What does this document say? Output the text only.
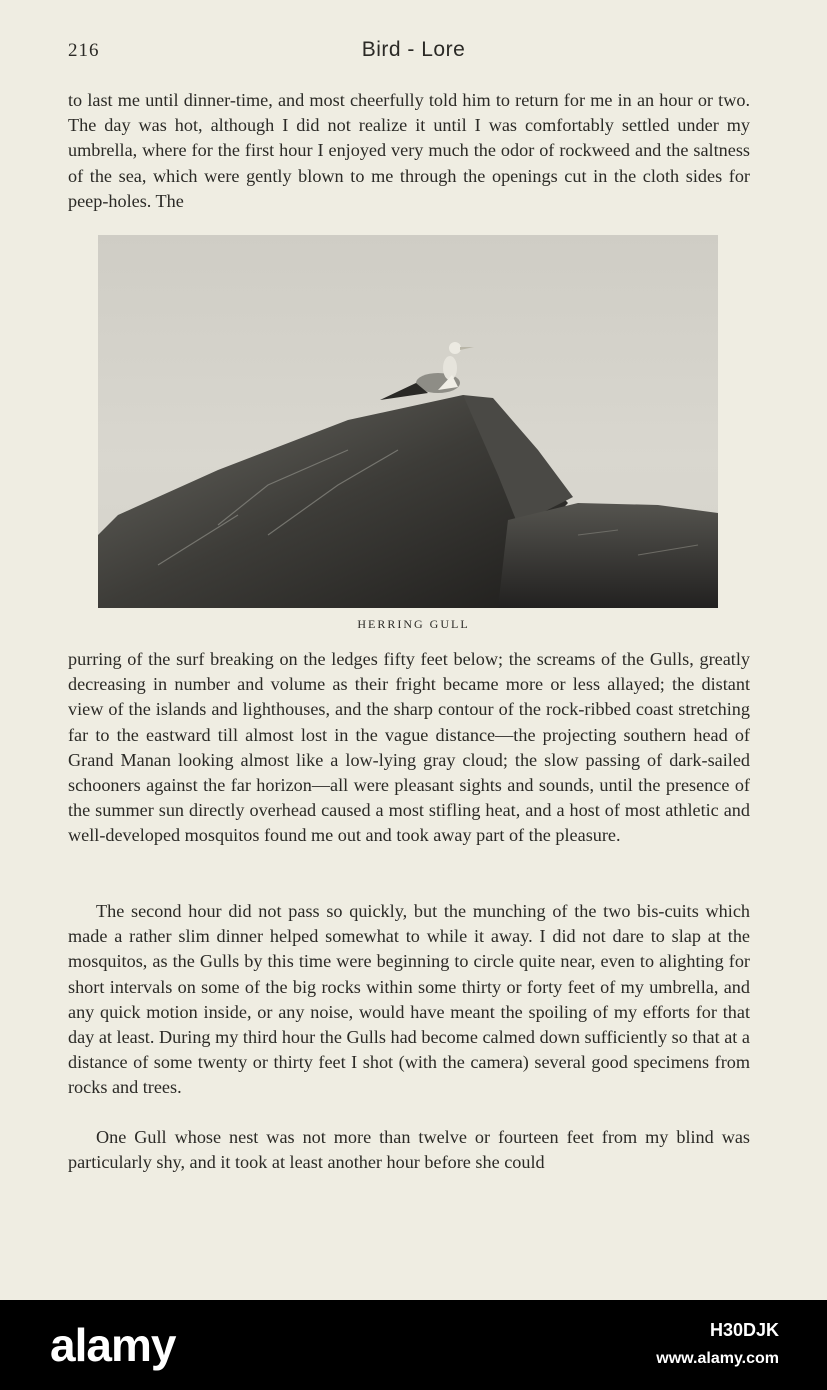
216	Bird - Lore

to last me until dinner-time, and most cheerfully told him to return for me in an hour or two. The day was hot, although I did not realize it until I was comfortably settled under my umbrella, where for the first hour I enjoyed very much the odor of rockweed and the saltness of the sea, which were gently blown to me through the openings cut in the cloth sides for peep-holes. The

HERRING GULL

purring of the surf breaking on the ledges fifty feet below; the screams of the Gulls, greatly decreasing in number and volume as their fright became more or less allayed; the distant view of the islands and lighthouses, and the sharp contour of the rock-ribbed coast stretching far to the eastward till almost lost in the vague distance—the projecting southern head of Grand Manan looking almost like a low-lying gray cloud; the slow passing of dark-sailed schooners against the far horizon—all were pleasant sights and sounds, until the presence of the summer sun directly overhead caused a most stifling heat, and a host of most athletic and well-developed mosquitos found me out and took away part of the pleasure.

The second hour did not pass so quickly, but the munching of the two bis-cuits which made a rather slim dinner helped somewhat to while it away. I did not dare to slap at the mosquitos, as the Gulls by this time were beginning to circle quite near, even to alighting for short intervals on some of the big rocks within some thirty or forty feet of my umbrella, and any quick motion inside, or any noise, would have meant the spoiling of my efforts for that day at least. During my third hour the Gulls had become calmed down sufficiently so that at a distance of some twenty or thirty feet I shot (with the camera) several good specimens from rocks and trees.

One Gull whose nest was not more than twelve or fourteen feet from my blind was particularly shy, and it took at least another hour before she could

alamy	H30DJK
www.alamy.com
